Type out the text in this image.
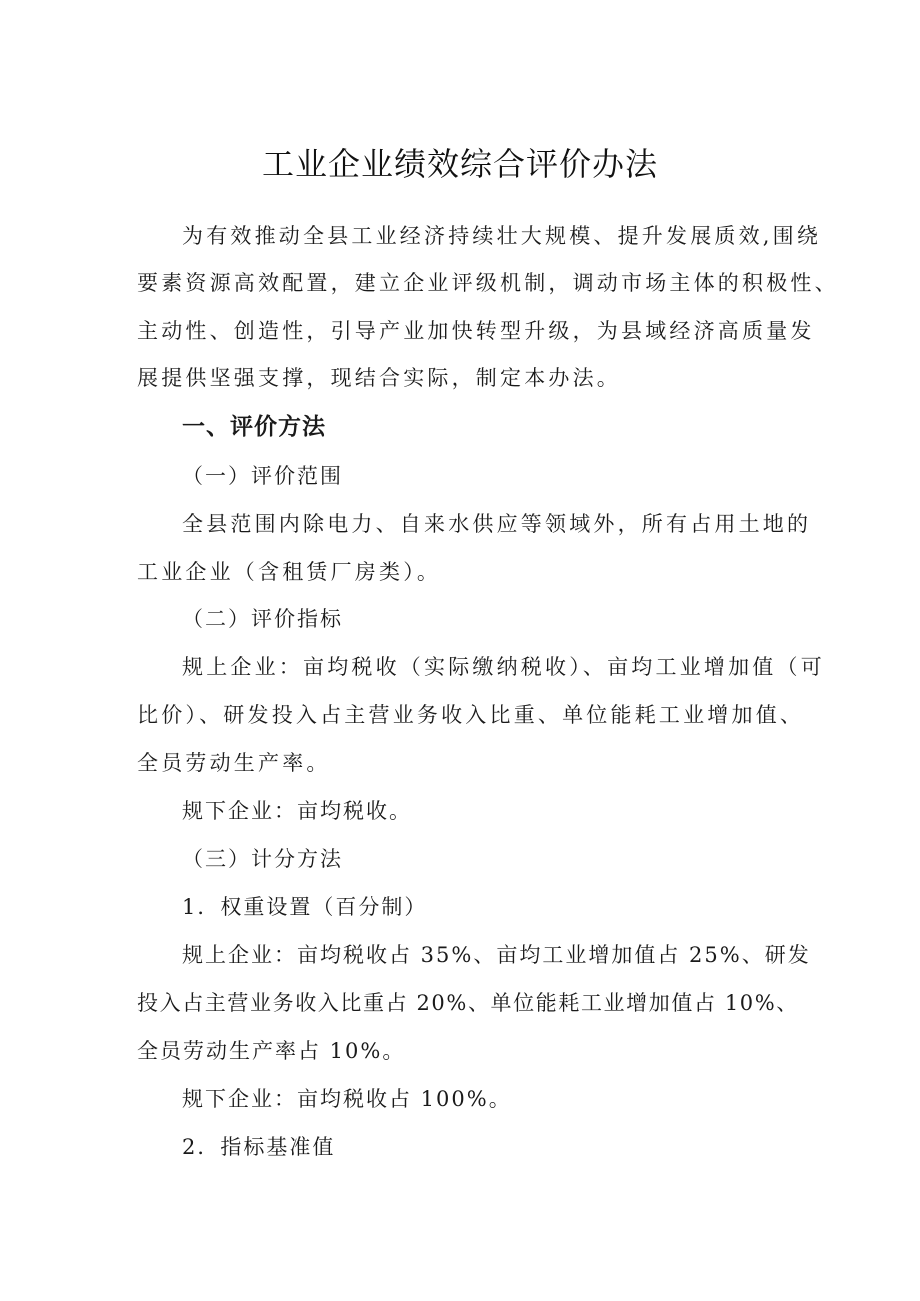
工业企业绩效综合评价办法
为有效推动全县工业经济持续壮大规模、提升发展质效,围绕
要素资源高效配置，建立企业评级机制，调动市场主体的积极性、
主动性、创造性，引导产业加快转型升级，为县域经济高质量发
展提供坚强支撑，现结合实际，制定本办法。
一、评价方法
（一）评价范围
全县范围内除电力、自来水供应等领域外，所有占用土地的
工业企业（含租赁厂房类）。
（二）评价指标
规上企业：亩均税收（实际缴纳税收）、亩均工业增加值（可
比价）、研发投入占主营业务收入比重、单位能耗工业增加值、
全员劳动生产率。
规下企业：亩均税收。
（三）计分方法
1．权重设置（百分制）
规上企业：亩均税收占 35%、亩均工业增加值占 25%、研发
投入占主营业务收入比重占 20%、单位能耗工业增加值占 10%、
全员劳动生产率占 10%。
规下企业：亩均税收占 100%。
2．指标基准值
